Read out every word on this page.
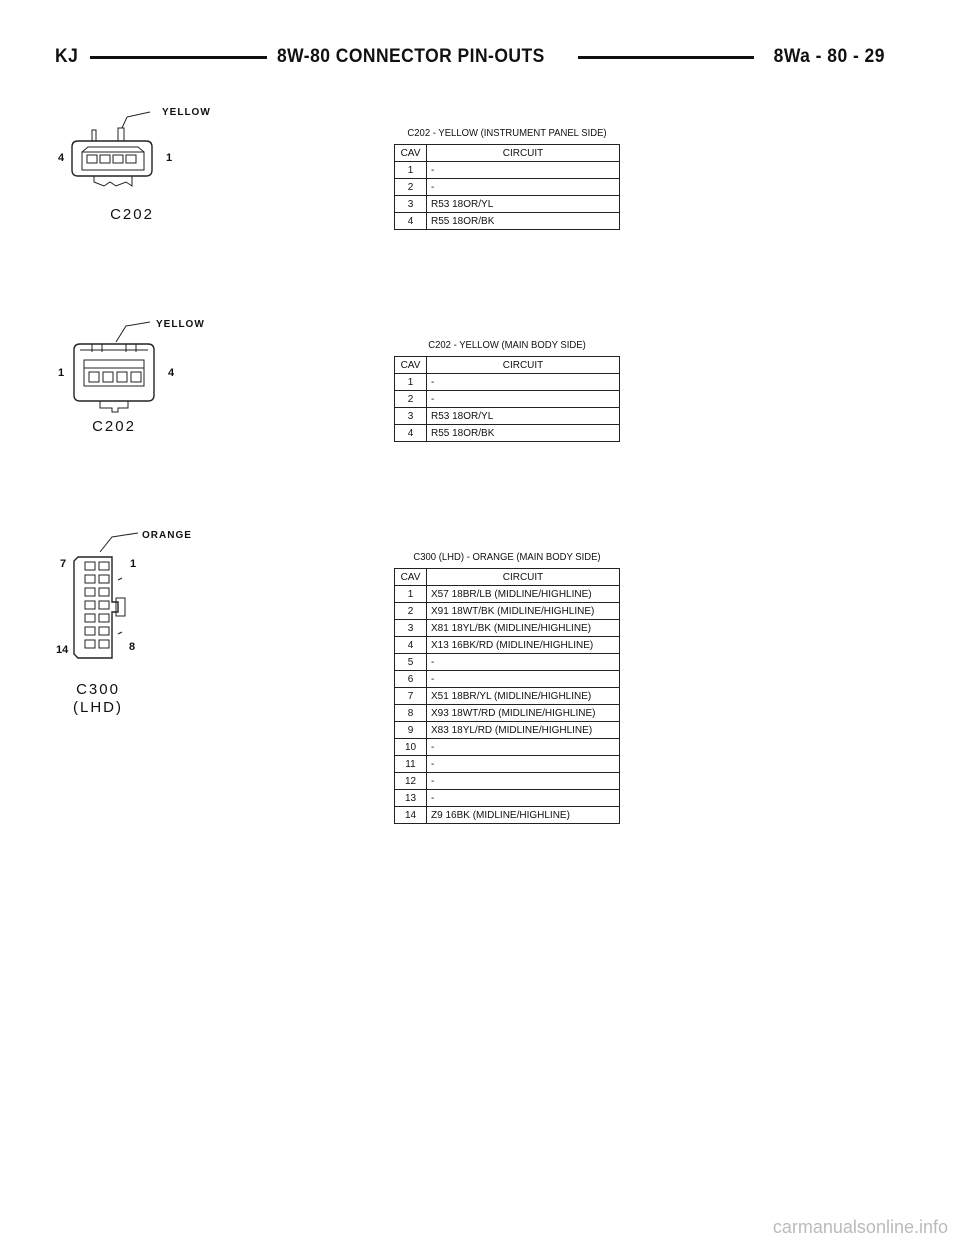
KJ	8W-80 CONNECTOR PIN-OUTS	8Wa - 80 - 29
YELLOW
4	1
C202
C202 - YELLOW (INSTRUMENT PANEL SIDE)
CAV	CIRCUIT
1	-
2	-
3	R53 18OR/YL
4	R55 18OR/BK
YELLOW
1	4
C202
C202 - YELLOW (MAIN BODY SIDE)
CAV	CIRCUIT
1	-
2	-
3	R53 18OR/YL
4	R55 18OR/BK
ORANGE
7	1
14	8
C300
(LHD)
C300 (LHD) - ORANGE (MAIN BODY SIDE)
CAV	CIRCUIT
1	X57 18BR/LB (MIDLINE/HIGHLINE)
2	X91 18WT/BK (MIDLINE/HIGHLINE)
3	X81 18YL/BK (MIDLINE/HIGHLINE)
4	X13 16BK/RD (MIDLINE/HIGHLINE)
5	-
6	-
7	X51 18BR/YL (MIDLINE/HIGHLINE)
8	X93 18WT/RD (MIDLINE/HIGHLINE)
9	X83 18YL/RD (MIDLINE/HIGHLINE)
10	-
11	-
12	-
13	-
14	Z9 16BK (MIDLINE/HIGHLINE)
carmanualsonline.info
